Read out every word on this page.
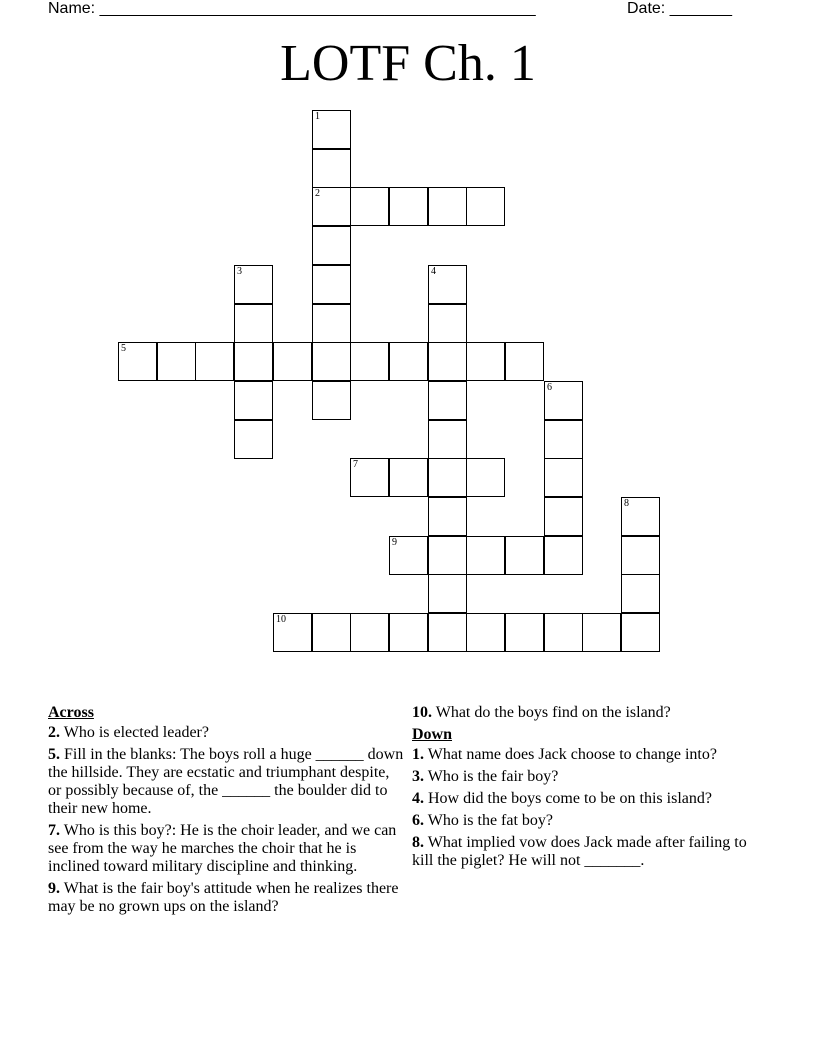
Name: _________________________________________________	Date: _______
LOTF Ch. 1
1
2
3	4
5
6
7
8
9
10
Across
2. Who is elected leader?
5. Fill in the blanks: The boys roll a huge ______ down the hillside. They are ecstatic and triumphant despite, or possibly because of, the ______ the boulder did to their new home.
7. Who is this boy?: He is the choir leader, and we can see from the way he marches the choir that he is inclined toward military discipline and thinking.
9. What is the fair boy's attitude when he realizes there may be no grown ups on the island?
10. What do the boys find on the island?
Down
1. What name does Jack choose to change into?
3. Who is the fair boy?
4. How did the boys come to be on this island?
6. Who is the fat boy?
8. What implied vow does Jack made after failing to kill the piglet? He will not _______.
